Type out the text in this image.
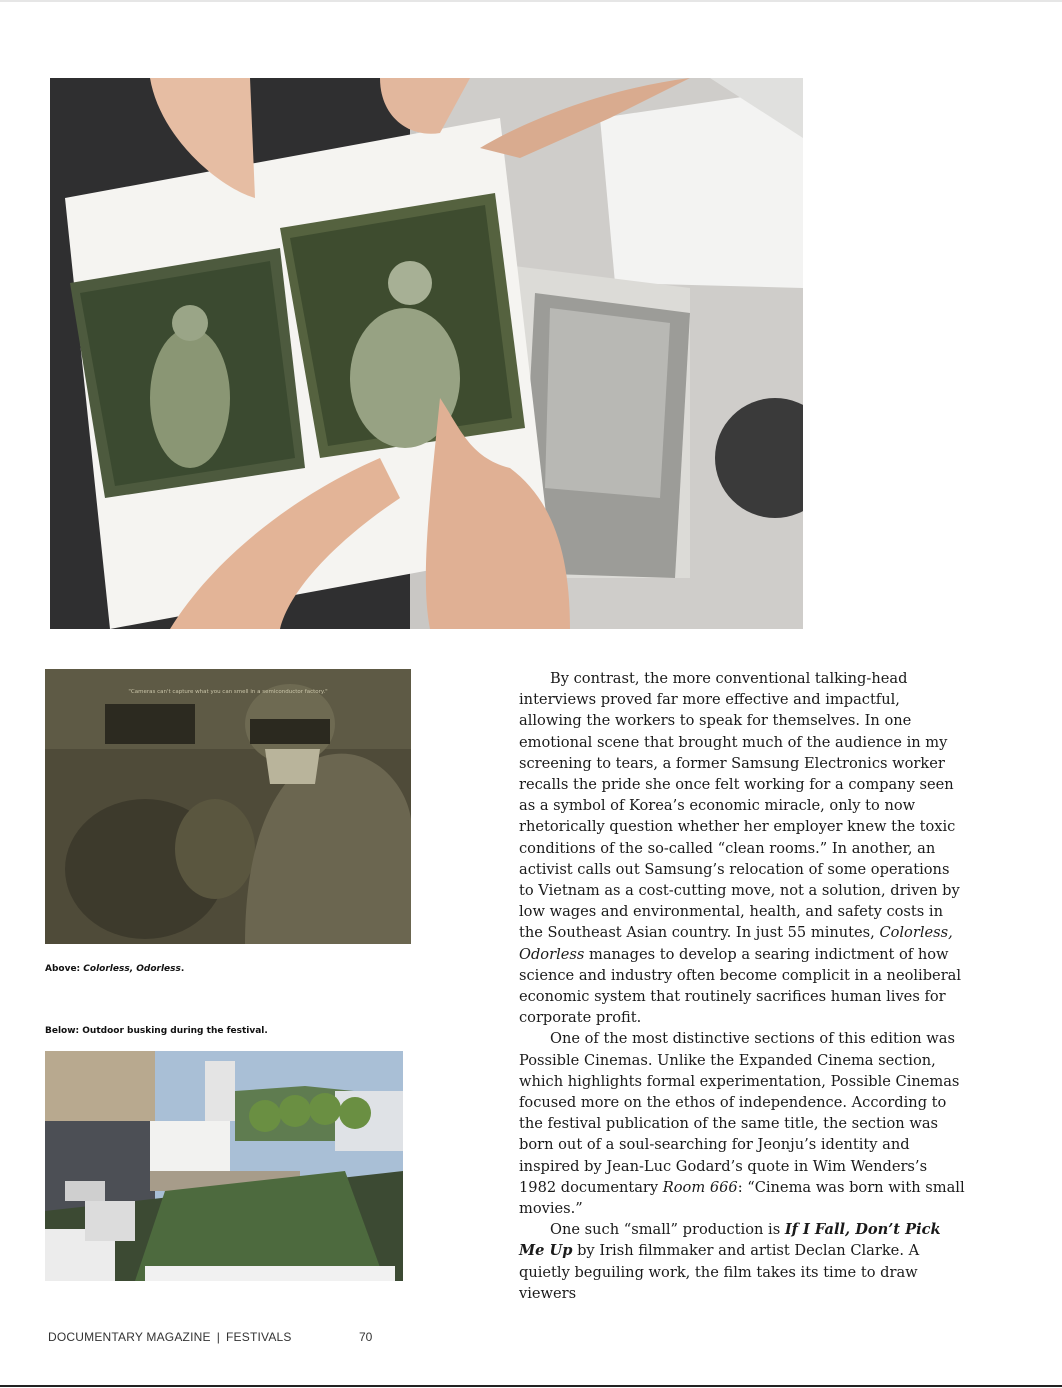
"Cameras can't capture what you can smell in a semiconductor factory."
Above: Colorless, Odorless.
Below: Outdoor busking during the festival.

By contrast, the more conventional talking-head interviews proved far more effective and impactful, allowing the workers to speak for themselves. In one emotional scene that brought much of the audience in my screening to tears, a former Samsung Electronics worker recalls the pride she once felt working for a company seen as a symbol of Korea’s economic miracle, only to now rhetorically question whether her employer knew the toxic conditions of the so-called “clean rooms.” In another, an activist calls out Samsung’s relocation of some operations to Vietnam as a cost-cutting move, not a solution, driven by low wages and environmental, health, and safety costs in the Southeast Asian country. In just 55 minutes, Colorless, Odorless manages to develop a searing indictment of how science and industry often become complicit in a neoliberal economic system that routinely sacrifices human lives for corporate profit.

One of the most distinctive sections of this edition was Possible Cinemas. Unlike the Expanded Cinema section, which highlights formal experimentation, Possible Cinemas focused more on the ethos of independence. According to the festival publication of the same title, the section was born out of a soul-searching for Jeonju’s identity and inspired by Jean-Luc Godard’s quote in Wim Wenders’s 1982 documentary Room 666: “Cinema was born with small movies.”

One such “small” production is If I Fall, Don’t Pick Me Up by Irish filmmaker and artist Declan Clarke. A quietly beguiling work, the film takes its time to draw viewers

DOCUMENTARY MAGAZINE | FESTIVALS	70
